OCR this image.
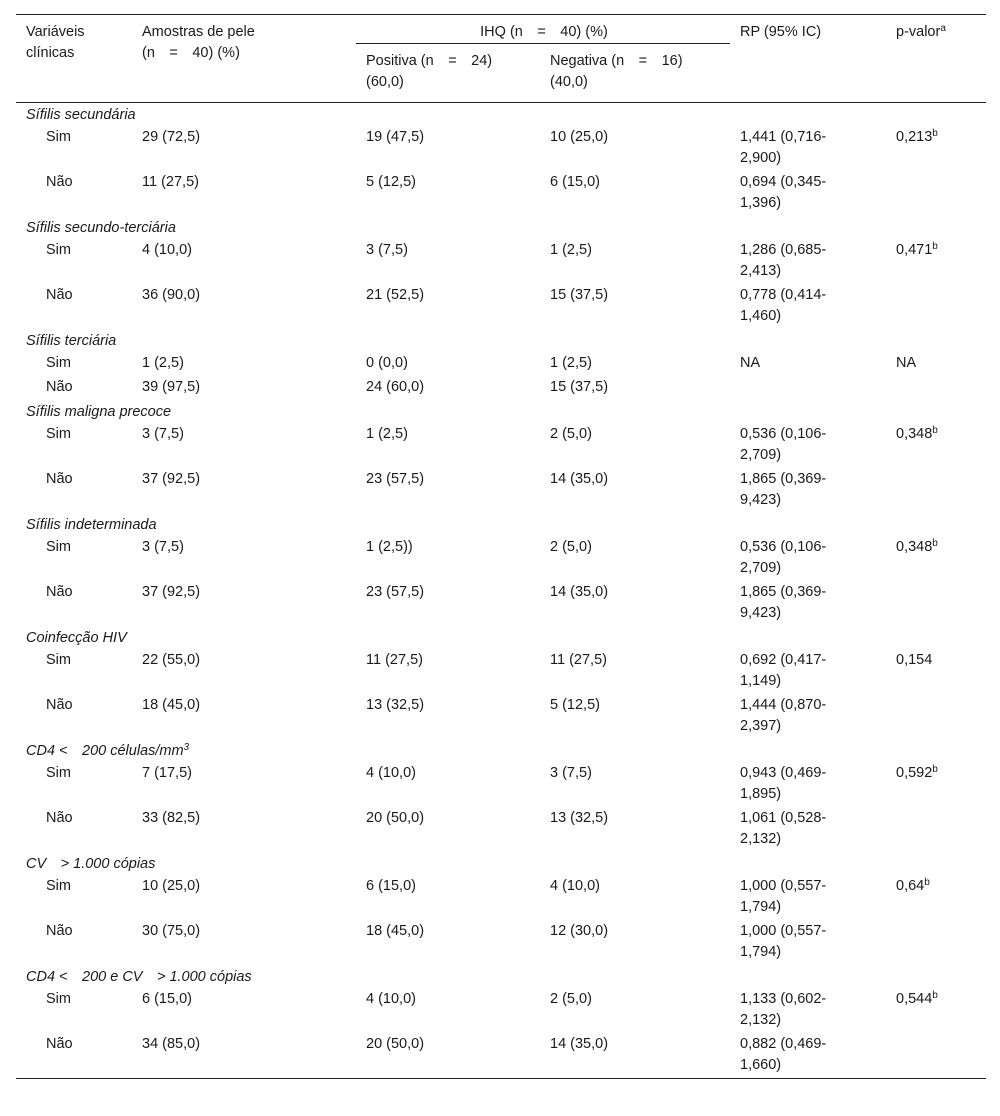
Variáveis
clínicas	Amostras de pele
(n = 40) (%)	IHQ (n = 40) (%)		RP (95% IC)	p-valor$^a$
		Positiva (n = 24)
(60,0)	Negativa (n = 16)
(40,0)		
Sífilis secundária					
Sim	29 (72,5)	19 (47,5)	10 (25,0)	1,441 (0,716-
2,900)	0,213$^b$
Não	11 (27,5)	5 (12,5)	6 (15,0)	0,694 (0,345-
1,396)	
Sífilis secundo-terciária					
Sim	4 (10,0)	3 (7,5)	1 (2,5)	1,286 (0,685-
2,413)	0,471$^b$
Não	36 (90,0)	21 (52,5)	15 (37,5)	0,778 (0,414-
1,460)	
Sífilis terciária					
Sim	1 (2,5)	0 (0,0)	1 (2,5)	NA	NA
Não	39 (97,5)	24 (60,0)	15 (37,5)		
Sífilis maligna precoce					
Sim	3 (7,5)	1 (2,5)	2 (5,0)	0,536 (0,106-
2,709)	0,348$^b$
Não	37 (92,5)	23 (57,5)	14 (35,0)	1,865 (0,369-
9,423)	
Sífilis indeterminada					
Sim	3 (7,5)	1 (2,5))	2 (5,0)	0,536 (0,106-
2,709)	0,348$^b$
Não	37 (92,5)	23 (57,5)	14 (35,0)	1,865 (0,369-
9,423)	
Coinfecção HIV					
Sim	22 (55,0)	11 (27,5)	11 (27,5)	0,692 (0,417-
1,149)	0,154
Não	18 (45,0)	13 (32,5)	5 (12,5)	1,444 (0,870-
2,397)	
CD4 < 200 células/$mm^3$
Sim	7 (17,5)	4 (10,0)	3 (7,5)	0,943 (0,469-
1,895)	0,592$^b$
Não	33 (82,5)	20 (50,0)	13 (32,5)	1,061 (0,528-
2,132)	
CV > 1.000 cópias					
Sim	10 (25,0)	6 (15,0)	4 (10,0)	1,000 (0,557-
1,794)	0,64$^b$
Não	30 (75,0)	18 (45,0)	12 (30,0)	1,000 (0,557-
1,794)	
CD4 < 200 e CV > 1.000 cópias					
Sim	6 (15,0)	4 (10,0)	2 (5,0)	1,133 (0,602-
2,132)	0,544$^b$
Não	34 (85,0)	20 (50,0)	14 (35,0)	0,882 (0,469-
1,660)	
